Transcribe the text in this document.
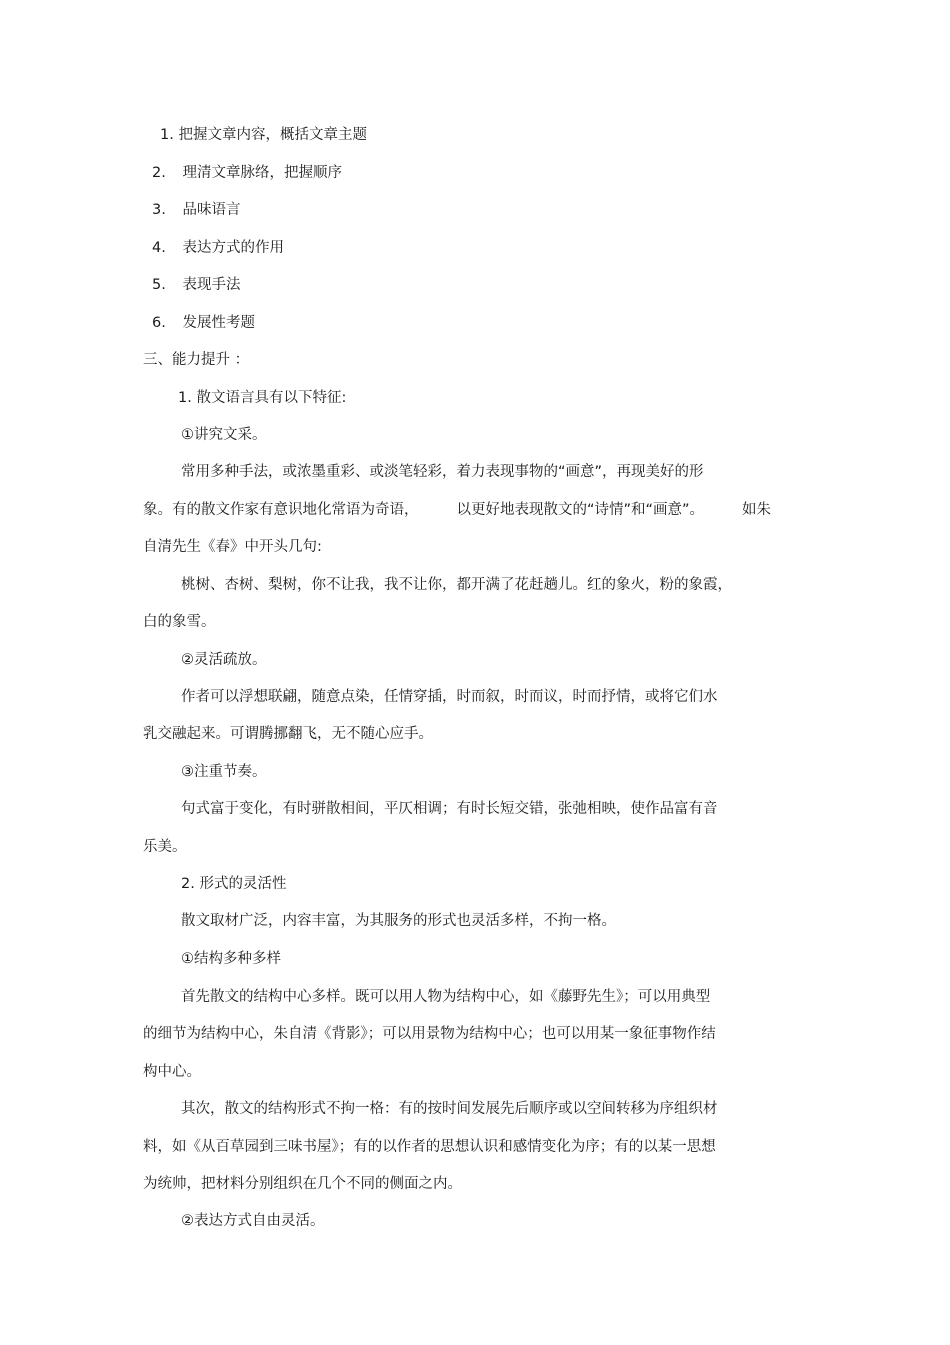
1. 把握文章内容，概括文章主题
2. 理清文章脉络，把握顺序
3. 品味语言
4. 表达方式的作用
5. 表现手法
6. 发展性考题
三、能力提升 ：
1. 散文语言具有以下特征:
①讲究文采。
常用多种手法，或浓墨重彩、或淡笔轻彩，着力表现事物的“画意”，再现美好的形
象。有的散文作家有意识地化常语为奇语，	以更好地表现散文的“诗情”和“画意”。	如朱
自清先生《春》中开头几句:
桃树、杏树、梨树，你不让我，我不让你，都开满了花赶趟儿。红的象火，粉的象霞，
白的象雪。
②灵活疏放。
作者可以浮想联翩，随意点染，任情穿插，时而叙，时而议，时而抒情，或将它们水
乳交融起来。可谓腾挪翻飞，无不随心应手。
③注重节奏。
句式富于变化，有时骈散相间，平仄相调；有时长短交错，张弛相映，使作品富有音
乐美。
2. 形式的灵活性
散文取材广泛，内容丰富，为其服务的形式也灵活多样，不拘一格。
①结构多种多样
首先散文的结构中心多样。既可以用人物为结构中心，如《藤野先生》；可以用典型
的细节为结构中心，朱自清《背影》；可以用景物为结构中心；也可以用某一象征事物作结
构中心。
其次，散文的结构形式不拘一格：有的按时间发展先后顺序或以空间转移为序组织材
料，如《从百草园到三味书屋》；有的以作者的思想认识和感情变化为序；有的以某一思想
为统帅，把材料分别组织在几个不同的侧面之内。
②表达方式自由灵活。
